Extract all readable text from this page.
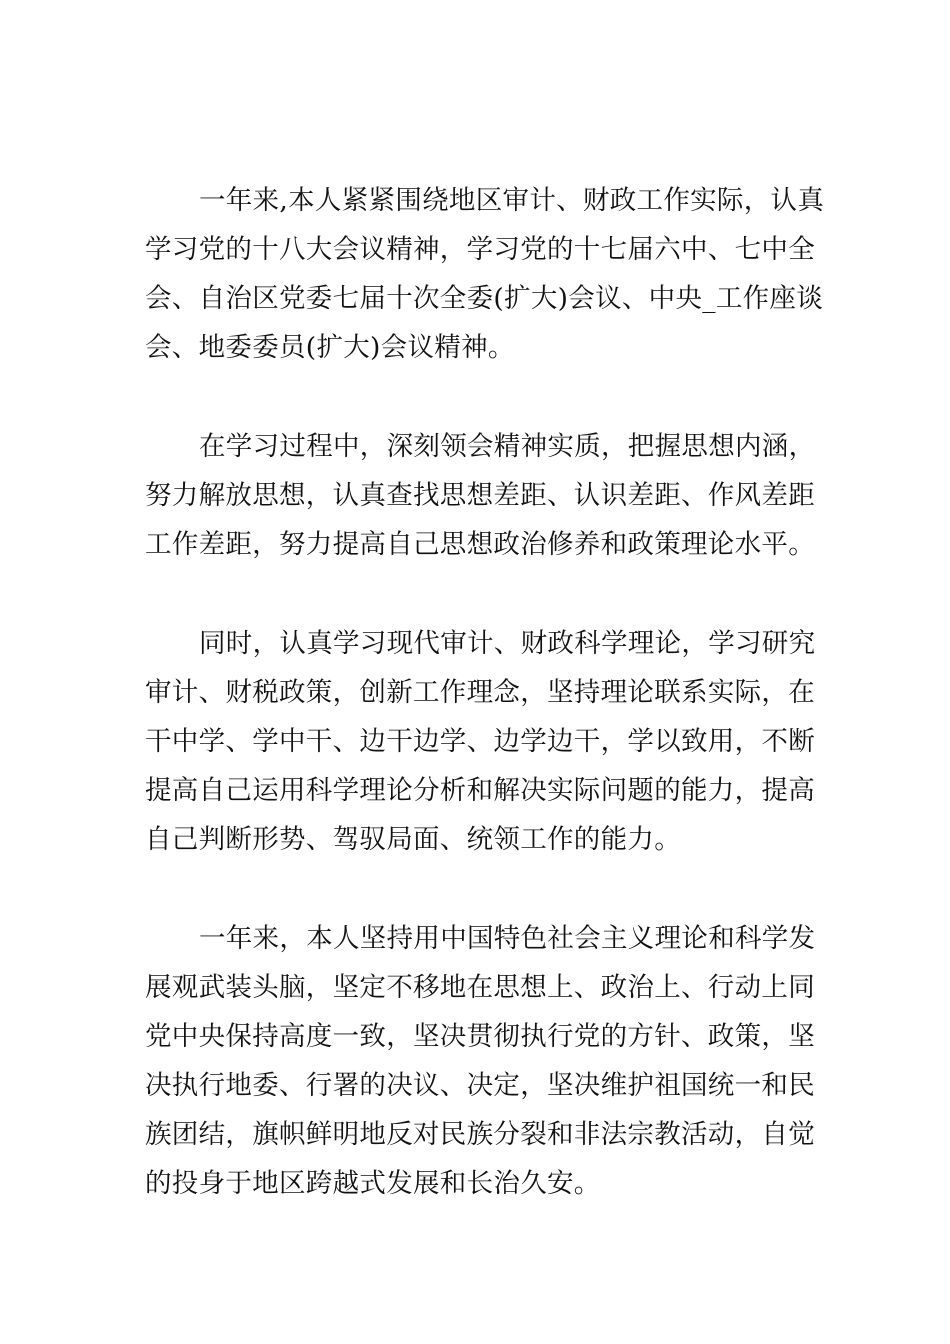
一年来,本人紧紧围绕地区审计、财政工作实际，认真
学习党的十八大会议精神，学习党的十七届六中、七中全
会、自治区党委七届十次全委(扩大)会议、中央_工作座谈
会、地委委员(扩大)会议精神。

在学习过程中，深刻领会精神实质，把握思想内涵，
努力解放思想，认真查找思想差距、认识差距、作风差距
工作差距，努力提高自己思想政治修养和政策理论水平。

同时，认真学习现代审计、财政科学理论，学习研究
审计、财税政策，创新工作理念，坚持理论联系实际，在
干中学、学中干、边干边学、边学边干，学以致用，不断
提高自己运用科学理论分析和解决实际问题的能力，提高
自己判断形势、驾驭局面、统领工作的能力。

一年来，本人坚持用中国特色社会主义理论和科学发
展观武装头脑，坚定不移地在思想上、政治上、行动上同
党中央保持高度一致，坚决贯彻执行党的方针、政策，坚
决执行地委、行署的决议、决定，坚决维护祖国统一和民
族团结，旗帜鲜明地反对民族分裂和非法宗教活动，自觉
的投身于地区跨越式发展和长治久安。
